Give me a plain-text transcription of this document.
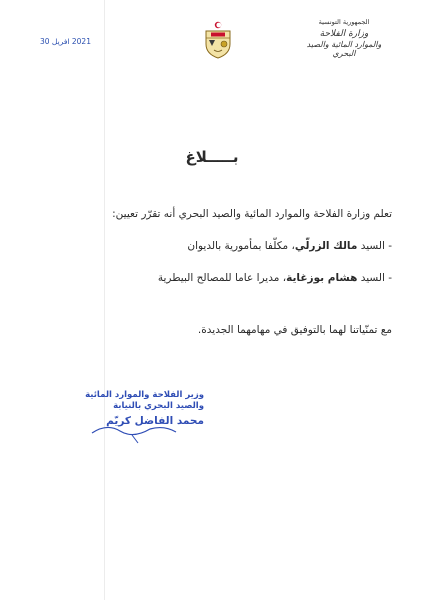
2021 افريل 30
الجمهورية التونسية
وزارة الفلاحة
والموارد المائية والصيد البحري
بـــــلاغ
تعلم وزارة الفلاحة والموارد المائية والصيد البحري أنه تقرّر تعيين:
- السيد مالك الزرلّي، مكلّفا بمأمورية بالديوان
- السيد هشام بوزغاية، مديرا عاما للمصالح البيطرية
مع تمنّياتنا لهما بالتوفيق في مهامهما الجديدة.
وزير الفلاحة والموارد المائية
والصيد البحري بالنيابة
محمد الفاضل كريّم
